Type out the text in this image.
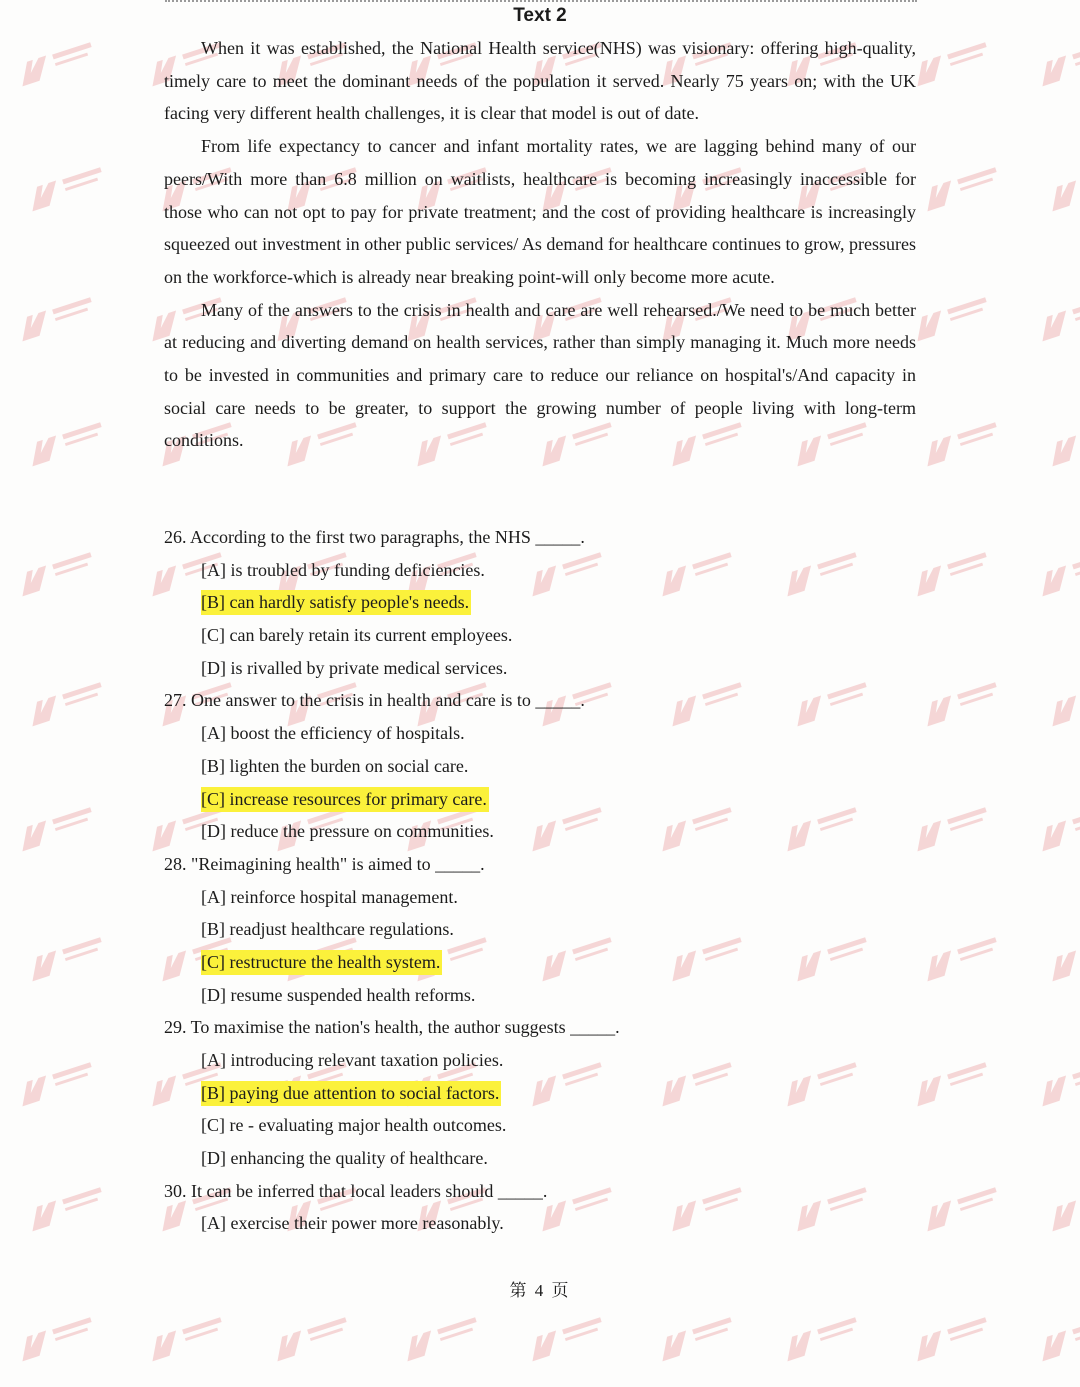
Text 2

When it was established, the National Health service(NHS) was visionary: offering high-quality, timely care to meet the dominant needs of the population it served. Nearly 75 years on; with the UK facing very different health challenges, it is clear that model is out of date.

From life expectancy to cancer and infant mortality rates, we are lagging behind many of our peers/With more than 6.8 million on waitlists, healthcare is becoming increasingly inaccessible for those who can not opt to pay for private treatment; and the cost of providing healthcare is increasingly squeezed out investment in other public services/ As demand for healthcare continues to grow, pressures on the workforce-which is already near breaking point-will only become more acute.

Many of the answers to the crisis in health and care are well rehearsed./We need to be much better at reducing and diverting demand on health services, rather than simply managing it. Much more needs to be invested in communities and primary care to reduce our reliance on hospital's/And capacity in social care needs to be greater, to support the growing number of people living with long-term conditions.

26. According to the first two paragraphs, the NHS _____.
[A] is troubled by funding deficiencies.
[B] can hardly satisfy people's needs.
[C] can barely retain its current employees.
[D] is rivalled by private medical services.
27. One answer to the crisis in health and care is to _____.
[A] boost the efficiency of hospitals.
[B] lighten the burden on social care.
[C] increase resources for primary care.
[D] reduce the pressure on communities.
28. "Reimagining health" is aimed to _____.
[A] reinforce hospital management.
[B] readjust healthcare regulations.
[C] restructure the health system.
[D] resume suspended health reforms.
29. To maximise the nation's health, the author suggests _____.
[A] introducing relevant taxation policies.
[B] paying due attention to social factors.
[C] re - evaluating major health outcomes.
[D] enhancing the quality of healthcare.
30. It can be inferred that local leaders should _____.
[A] exercise their power more reasonably.
第 4 页
